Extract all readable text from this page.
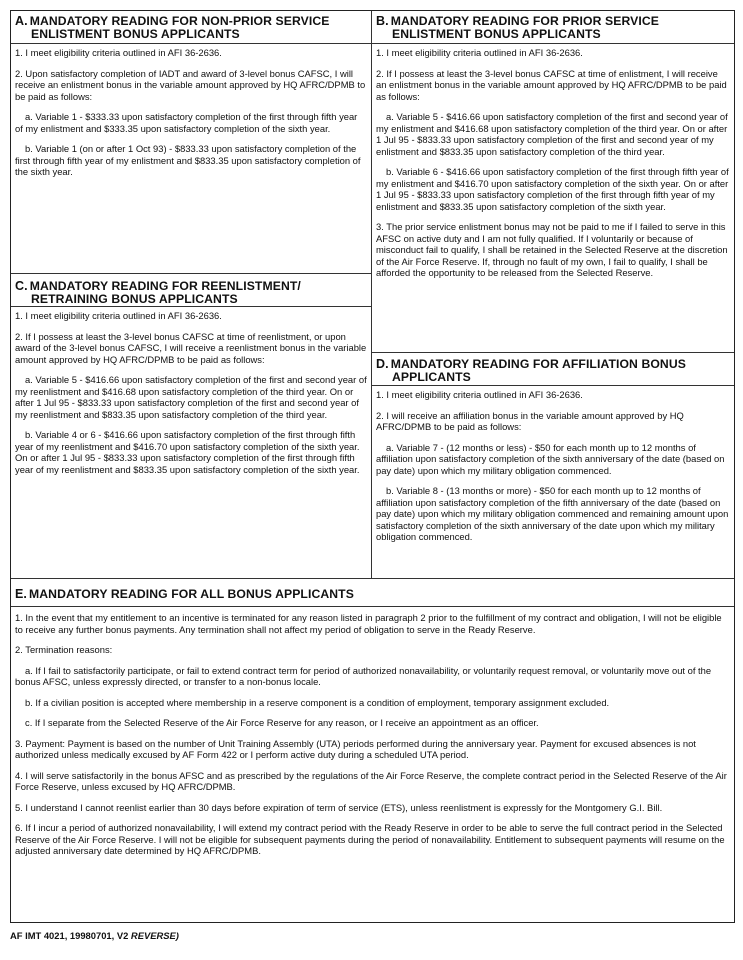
A. MANDATORY READING FOR NON-PRIOR SERVICE
ENLISTMENT BONUS APPLICANTS

1. I meet eligibility criteria outlined in AFI 36-2636.

2. Upon satisfactory completion of IADT and award of 3-level bonus CAFSC, I will receive an enlistment bonus in the variable amount approved by HQ AFRC/DPMB to be paid as follows:

a. Variable 1 - $333.33 upon satisfactory completion of the first through fifth year of my enlistment and $333.35 upon satisfactory completion of the sixth year.

b. Variable 1 (on or after 1 Oct 93) - $833.33 upon satisfactory completion of the first through fifth year of my enlistment and $833.35 upon satisfactory completion of the sixth year.

C. MANDATORY READING FOR REENLISTMENT/
RETRAINING BONUS APPLICANTS

1. I meet eligibility criteria outlined in AFI 36-2636.

2. If I possess at least the 3-level bonus CAFSC at time of reenlistment, or upon award of the 3-level bonus CAFSC, I will receive a reenlistment bonus in the variable amount approved by HQ AFRC/DPMB to be paid as follows:

a. Variable 5 - $416.66 upon satisfactory completion of the first and second year of my reenlistment and $416.68 upon satisfactory completion of the third year. On or after 1 Jul 95 - $833.33 upon satisfactory completion of the first and second year of my reenlistment and $833.35 upon satisfactory completion of the third year.

b. Variable 4 or 6 - $416.66 upon satisfactory completion of the first through fifth year of my reenlistment and $416.70 upon satisfactory completion of the sixth year. On or after 1 Jul 95 - $833.33 upon satisfactory completion of the first through fifth year of my reenlistment and $833.35 upon satisfactory completion of the sixth year.

B. MANDATORY READING FOR PRIOR SERVICE
ENLISTMENT BONUS APPLICANTS

1. I meet eligibility criteria outlined in AFI 36-2636.

2. If I possess at least the 3-level bonus CAFSC at time of enlistment, I will receive an enlistment bonus in the variable amount approved by HQ AFRC/DPMB to be paid as follows:

a. Variable 5 - $416.66 upon satisfactory completion of the first and second year of my enlistment and $416.68 upon satisfactory completion of the third year. On or after 1 Jul 95 - $833.33 upon satisfactory completion of the first and second year of my enlistment and $833.35 upon satisfactory completion of the third year.

b. Variable 6 - $416.66 upon satisfactory completion of the first through fifth year of my enlistment and $416.70 upon satisfactory completion of the sixth year. On or after 1 Jul 95 - $833.33 upon satisfactory completion of the first through fifth year of my enlistment and $833.35 upon satisfactory completion of the sixth year.

3. The prior service enlistment bonus may not be paid to me if I failed to serve in this AFSC on active duty and I am not fully qualified. If I voluntarily or because of misconduct fail to qualify, I shall be retained in the Selected Reserve at the discretion of the Air Force Reserve. If, through no fault of my own, I fail to qualify, I shall be afforded the opportunity to be released from the Selected Reserve.

D. MANDATORY READING FOR AFFILIATION BONUS
APPLICANTS

1. I meet eligibility criteria outlined in AFI 36-2636.

2. I will receive an affiliation bonus in the variable amount approved by HQ AFRC/DPMB to be paid as follows:

a. Variable 7 - (12 months or less) - $50 for each month up to 12 months of affiliation upon satisfactory completion of the sixth anniversary of the date (based on pay date) upon which my military obligation commenced.

b. Variable 8 - (13 months or more) - $50 for each month up to 12 months of affiliation upon satisfactory completion of the fifth anniversary of the date (based on pay date) upon which my military obligation commenced and remaining amount upon satisfactory completion of the sixth anniversary of the date upon which my military obligation commenced.

E. MANDATORY READING FOR ALL BONUS APPLICANTS

1. In the event that my entitlement to an incentive is terminated for any reason listed in paragraph 2 prior to the fulfillment of my contract and obligation, I will not be eligible to receive any further bonus payments. Any termination shall not affect my period of obligation to serve in the Ready Reserve.

2. Termination reasons:

a. If I fail to satisfactorily participate, or fail to extend contract term for period of authorized nonavailability, or voluntarily request removal, or voluntarily move out of the bonus AFSC, unless expressly directed, or transfer to a non-bonus locale.

b. If a civilian position is accepted where membership in a reserve component is a condition of employment, temporary assignment excluded.

c. If I separate from the Selected Reserve of the Air Force Reserve for any reason, or I receive an appointment as an officer.

3. Payment: Payment is based on the number of Unit Training Assembly (UTA) periods performed during the anniversary year. Payment for excused absences is not authorized unless medically excused by AF Form 422 or I perform active duty during a scheduled UTA period.

4. I will serve satisfactorily in the bonus AFSC and as prescribed by the regulations of the Air Force Reserve, the complete contract period in the Selected Reserve of the Air Force Reserve, unless excused by HQ AFRC/DPMB.

5. I understand I cannot reenlist earlier than 30 days before expiration of term of service (ETS), unless reenlistment is expressly for the Montgomery G.I. Bill.

6. If I incur a period of authorized nonavailability, I will extend my contract period with the Ready Reserve in order to be able to serve the full contract period in the Selected Reserve of the Air Force Reserve. I will not be eligible for subsequent payments during the period of nonavailability. Entitlement to subsequent payments will resume on the adjusted anniversary date determined by HQ AFRC/DPMB.

AF IMT 4021, 19980701, V2 REVERSE)
